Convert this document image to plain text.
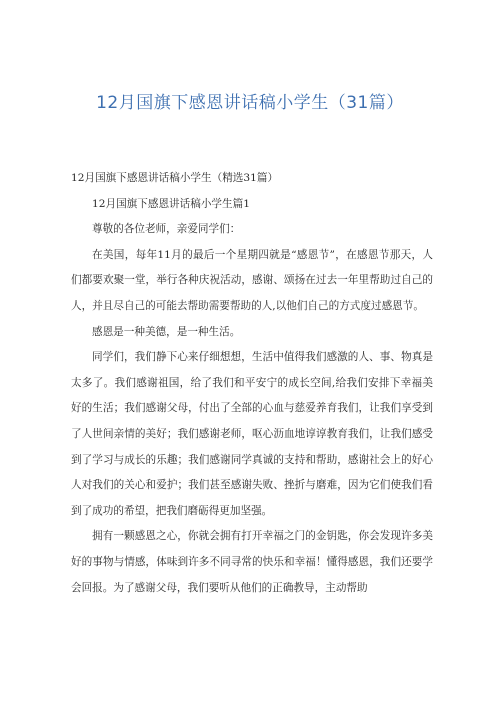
12月国旗下感恩讲话稿小学生（31篇）

12月国旗下感恩讲话稿小学生（精选31篇）

12月国旗下感恩讲话稿小学生篇1

尊敬的各位老师，亲爱同学们：

在美国，每年11月的最后一个星期四就是“感恩节”，在感恩节那天，人们都要欢聚一堂，举行各种庆祝活动，感谢、颂扬在过去一年里帮助过自己的人，并且尽自己的可能去帮助需要帮助的人,以他们自己的方式度过感恩节。

感恩是一种美德，是一种生活。

同学们，我们静下心来仔细想想，生活中值得我们感激的人、事、物真是太多了。我们感谢祖国，给了我们和平安宁的成长空间,给我们安排下幸福美好的生活；我们感谢父母，付出了全部的心血与慈爱养育我们，让我们享受到了人世间亲情的美好；我们感谢老师，呕心沥血地谆谆教育我们，让我们感受到了学习与成长的乐趣；我们感谢同学真诚的支持和帮助，感谢社会上的好心人对我们的关心和爱护；我们甚至感谢失败、挫折与磨难，因为它们使我们看到了成功的希望，把我们磨砺得更加坚强。

拥有一颗感恩之心，你就会拥有打开幸福之门的金钥匙，你会发现许多美好的事物与情感，体味到许多不同寻常的快乐和幸福！懂得感恩，我们还要学会回报。为了感谢父母，我们要听从他们的正确教导，主动帮助
